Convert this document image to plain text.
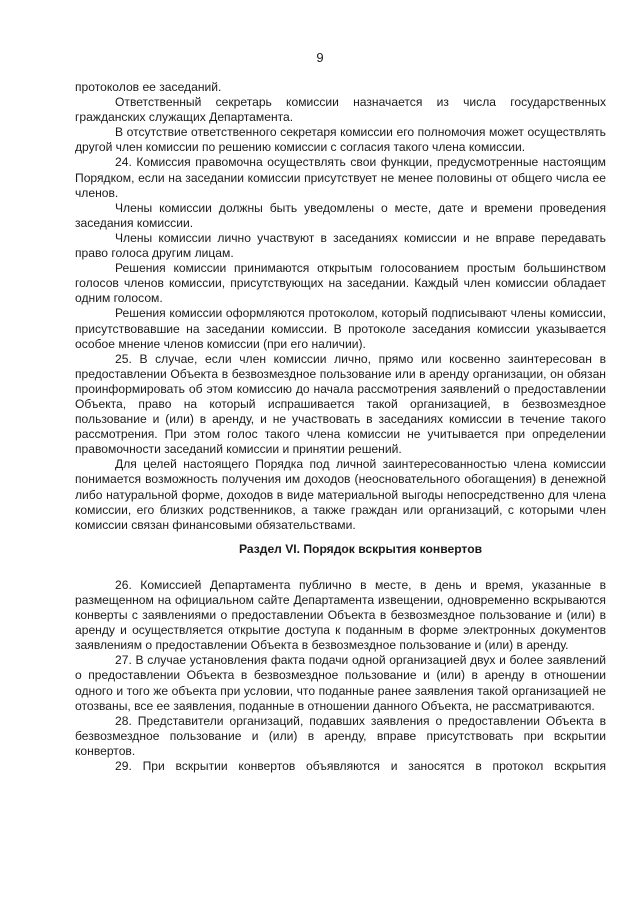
9

протоколов ее заседаний.

Ответственный секретарь комиссии назначается из числа государственных гражданских служащих Департамента.

В отсутствие ответственного секретаря комиссии его полномочия может осуществлять другой член комиссии по решению комиссии с согласия такого члена комиссии.

24. Комиссия правомочна осуществлять свои функции, предусмотренные настоящим Порядком, если на заседании комиссии присутствует не менее половины от общего числа ее членов.

Члены комиссии должны быть уведомлены о месте, дате и времени проведения заседания комиссии.

Члены комиссии лично участвуют в заседаниях комиссии и не вправе передавать право голоса другим лицам.

Решения комиссии принимаются открытым голосованием простым большинством голосов членов комиссии, присутствующих на заседании. Каждый член комиссии обладает одним голосом.

Решения комиссии оформляются протоколом, который подписывают члены комиссии, присутствовавшие на заседании комиссии. В протоколе заседания комиссии указывается особое мнение членов комиссии (при его наличии).

25. В случае, если член комиссии лично, прямо или косвенно заинтересован в предоставлении Объекта в безвозмездное пользование или в аренду организации, он обязан проинформировать об этом комиссию до начала рассмотрения заявлений о предоставлении Объекта, право на который испрашивается такой организацией, в безвозмездное пользование и (или) в аренду, и не участвовать в заседаниях комиссии в течение такого рассмотрения. При этом голос такого члена комиссии не учитывается при определении правомочности заседаний комиссии и принятии решений.

Для целей настоящего Порядка под личной заинтересованностью члена комиссии понимается возможность получения им доходов (неосновательного обогащения) в денежной либо натуральной форме, доходов в виде материальной выгоды непосредственно для члена комиссии, его близких родственников, а также граждан или организаций, с которыми член комиссии связан финансовыми обязательствами.

Раздел VI. Порядок вскрытия конвертов

26. Комиссией Департамента публично в месте, в день и время, указанные в размещенном на официальном сайте Департамента извещении, одновременно вскрываются конверты с заявлениями о предоставлении Объекта в безвозмездное пользование и (или) в аренду и осуществляется открытие доступа к поданным в форме электронных документов заявлениям о предоставлении Объекта в безвозмездное пользование и (или) в аренду.

27. В случае установления факта подачи одной организацией двух и более заявлений о предоставлении Объекта в безвозмездное пользование и (или) в аренду в отношении одного и того же объекта при условии, что поданные ранее заявления такой организацией не отозваны, все ее заявления, поданные в отношении данного Объекта, не рассматриваются.

28. Представители организаций, подавших заявления о предоставлении Объекта в безвозмездное пользование и (или) в аренду, вправе присутствовать при вскрытии конвертов.

29. При вскрытии конвертов объявляются и заносятся в протокол вскрытия
